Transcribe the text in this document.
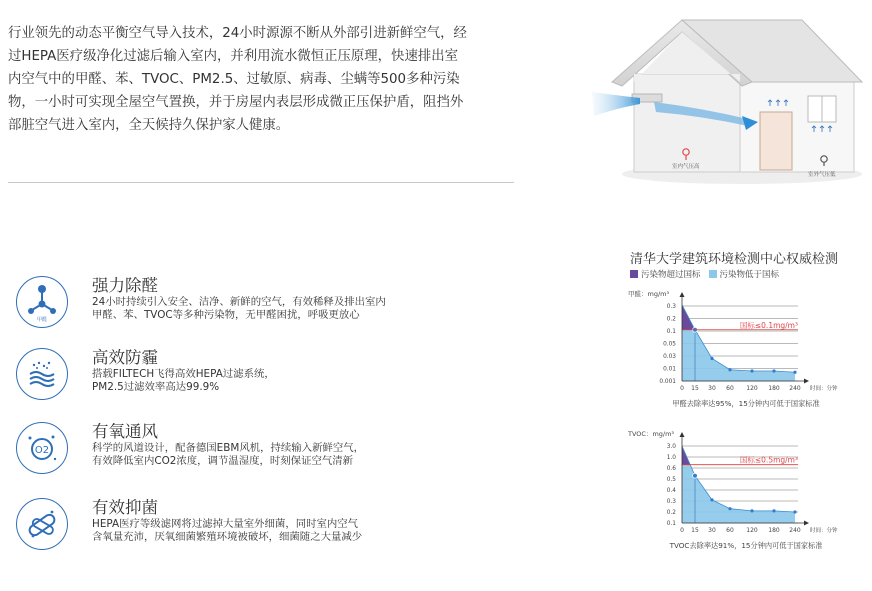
行业领先的动态平衡空气导入技术，24小时源源不断从外部引进新鲜空气，经
过HEPA医疗级净化过滤后输入室内，并利用流水微恒正压原理，快速排出室
内空气中的甲醛、苯、TVOC、PM2.5、过敏原、病毒、尘螨等500多种污染
物，一小时可实现全屋空气置换，并于房屋内表层形成微正压保护盾，阻挡外
部脏空气进入室内，全天候持久保护家人健康。
室内气压高
室外气压低
甲醛
强力除醛
24小时持续引入安全、洁净、新鲜的空气，有效稀释及排出室内
甲醛、苯、TVOC等多种污染物，无甲醛困扰，呼吸更放心
高效防霾
搭载FILTECH飞得高效HEPA过滤系统，
PM2.5过滤效率高达99.9%
O2
有氧通风
科学的风道设计，配备德国EBM风机，持续输入新鲜空气，
有效降低室内CO2浓度，调节温湿度，时刻保证空气清新
有效抑菌
HEPA医疗等级滤网将过滤掉大量室外细菌，同时室内空气
含氧量充沛，厌氧细菌繁殖环境被破坏，细菌随之大量减少
清华大学建筑环境检测中心权威检测
污染物超过国标 污染物低于国标
甲醛：mg/m³
0.3
0.2
0.1
0.05
0.03
0.01
0.001
国标≤0.1mg/m³
0 15 30 60 120 180 240 时间：分钟
甲醛去除率达95%，15分钟内可低于国家标准
TVOC：mg/m³
3.0
1.0
0.6
0.5
0.4
0.3
0.2
0.1
国标≤0.5mg/m³
0 15 30 60 120 180 240 时间：分钟
TVOC去除率达91%，15分钟内可低于国家标准
